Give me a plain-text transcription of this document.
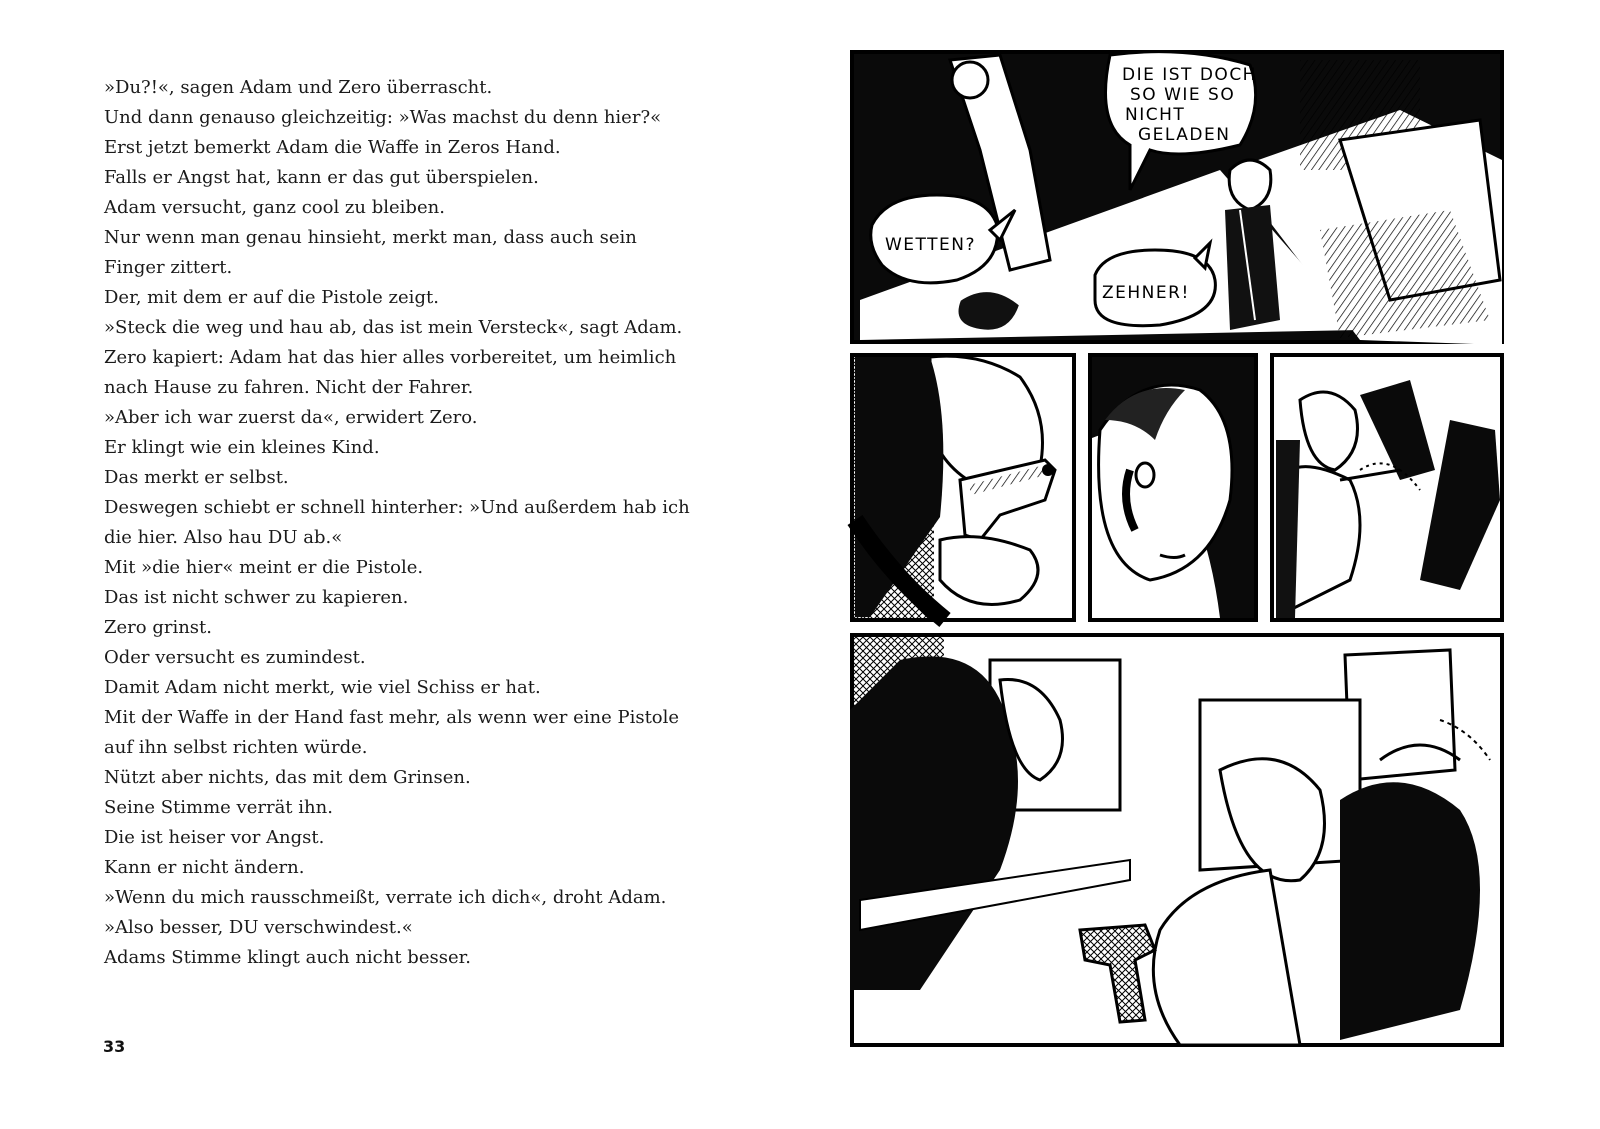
»Du?!«, sagen Adam und Zero überrascht.

Und dann genauso gleichzeitig: »Was machst du denn hier?«

Erst jetzt bemerkt Adam die Waffe in Zeros Hand.

Falls er Angst hat, kann er das gut überspielen.

Adam versucht, ganz cool zu bleiben.

Nur wenn man genau hinsieht, merkt man, dass auch sein

Finger zittert.

Der, mit dem er auf die Pistole zeigt.

»Steck die weg und hau ab, das ist mein Versteck«, sagt Adam.

Zero kapiert: Adam hat das hier alles vorbereitet, um heimlich

nach Hause zu fahren. Nicht der Fahrer.

»Aber ich war zuerst da«, erwidert Zero.

Er klingt wie ein kleines Kind.

Das merkt er selbst.

Deswegen schiebt er schnell hinterher: »Und außerdem hab ich

die hier. Also hau DU ab.«

Mit »die hier« meint er die Pistole.

Das ist nicht schwer zu kapieren.

Zero grinst.

Oder versucht es zumindest.

Damit Adam nicht merkt, wie viel Schiss er hat.

Mit der Waffe in der Hand fast mehr, als wenn wer eine Pistole

auf ihn selbst richten würde.

Nützt aber nichts, das mit dem Grinsen.

Seine Stimme verrät ihn.

Die ist heiser vor Angst.

Kann er nicht ändern.

»Wenn du mich rausschmeißt, verrate ich dich«, droht Adam.

»Also besser, DU verschwindest.«

Adams Stimme klingt auch nicht besser.

33
DIE IST DOCH
SO WIE SO
NICHT
GELADEN
WETTEN?
ZEHNER!
